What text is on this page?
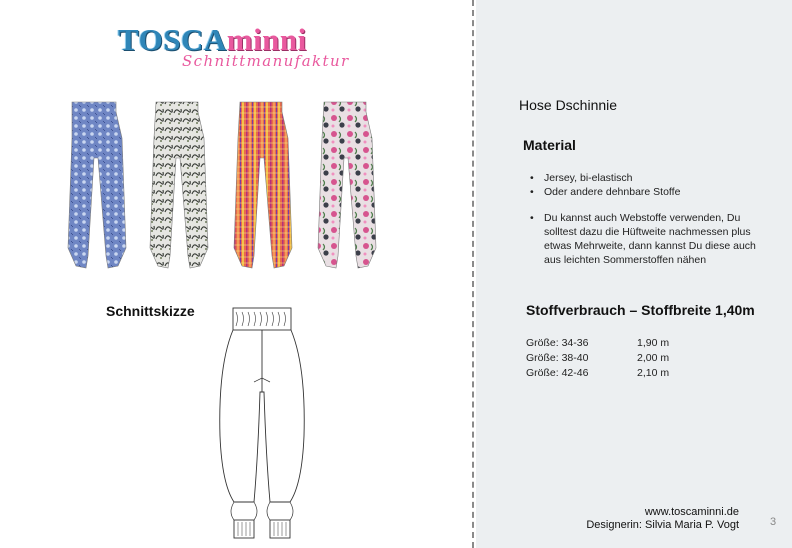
TOSCAminni
Schnittmanufaktur
Schnittskizze
Hose Dschinnie
Material
• Jersey, bi-elastisch
• Oder andere dehnbare Stoffe
• Du kannst auch Webstoffe verwenden, Du solltest dazu die Hüftweite nachmessen plus etwas Mehrweite, dann kannst Du diese auch aus leichten Sommerstoffen nähen
Stoffverbrauch – Stoffbreite 1,40m
Größe: 34-36	1,90 m
Größe: 38-40	2,00 m
Größe: 42-46	2,10 m
www.toscaminni.de
Designerin: Silvia Maria P. Vogt	3
